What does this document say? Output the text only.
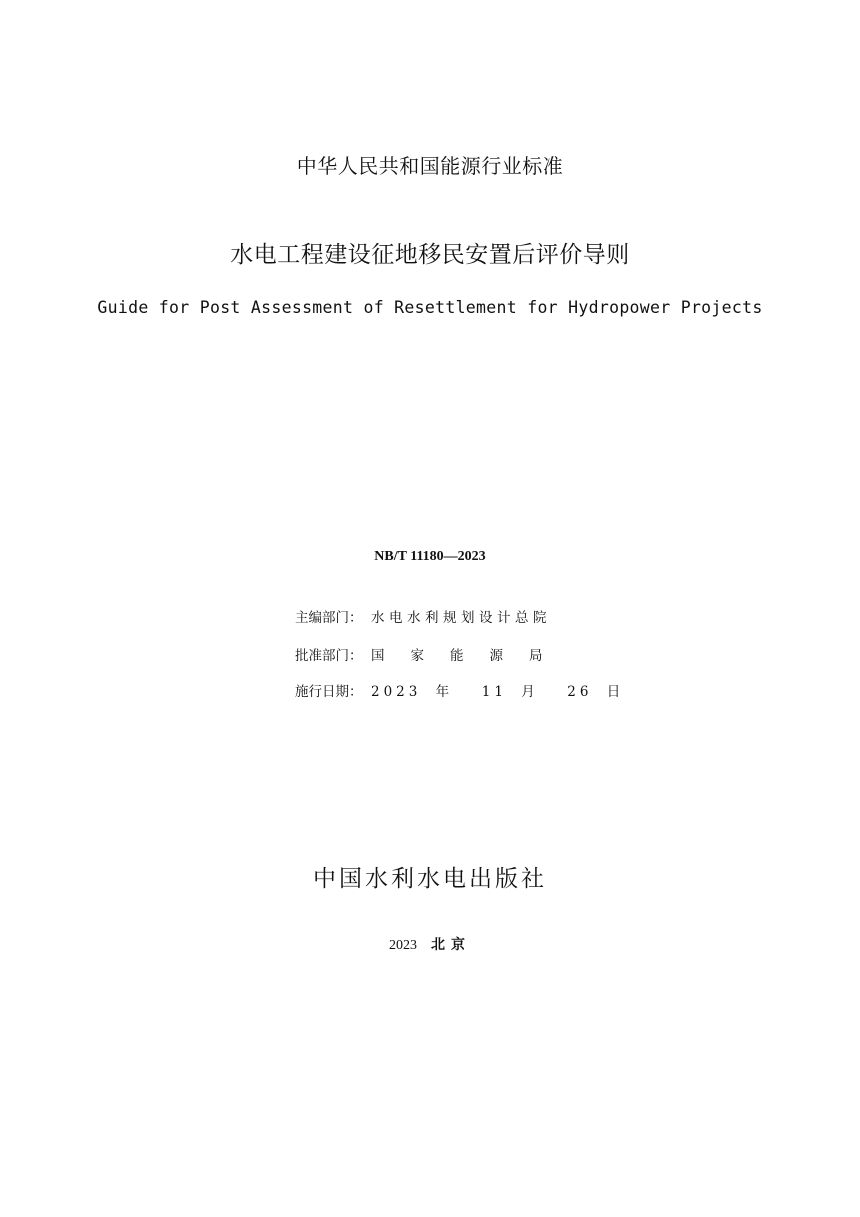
中华人民共和国能源行业标准
水电工程建设征地移民安置后评价导则
Guide for Post Assessment of Resettlement for Hydropower Projects
NB/T 11180—2023
主编部门： 水电水利规划设计总院
批准部门： 国家能源局
施行日期： 2023 年  11 月  26 日
中国水利水电出版社
2023 北京
